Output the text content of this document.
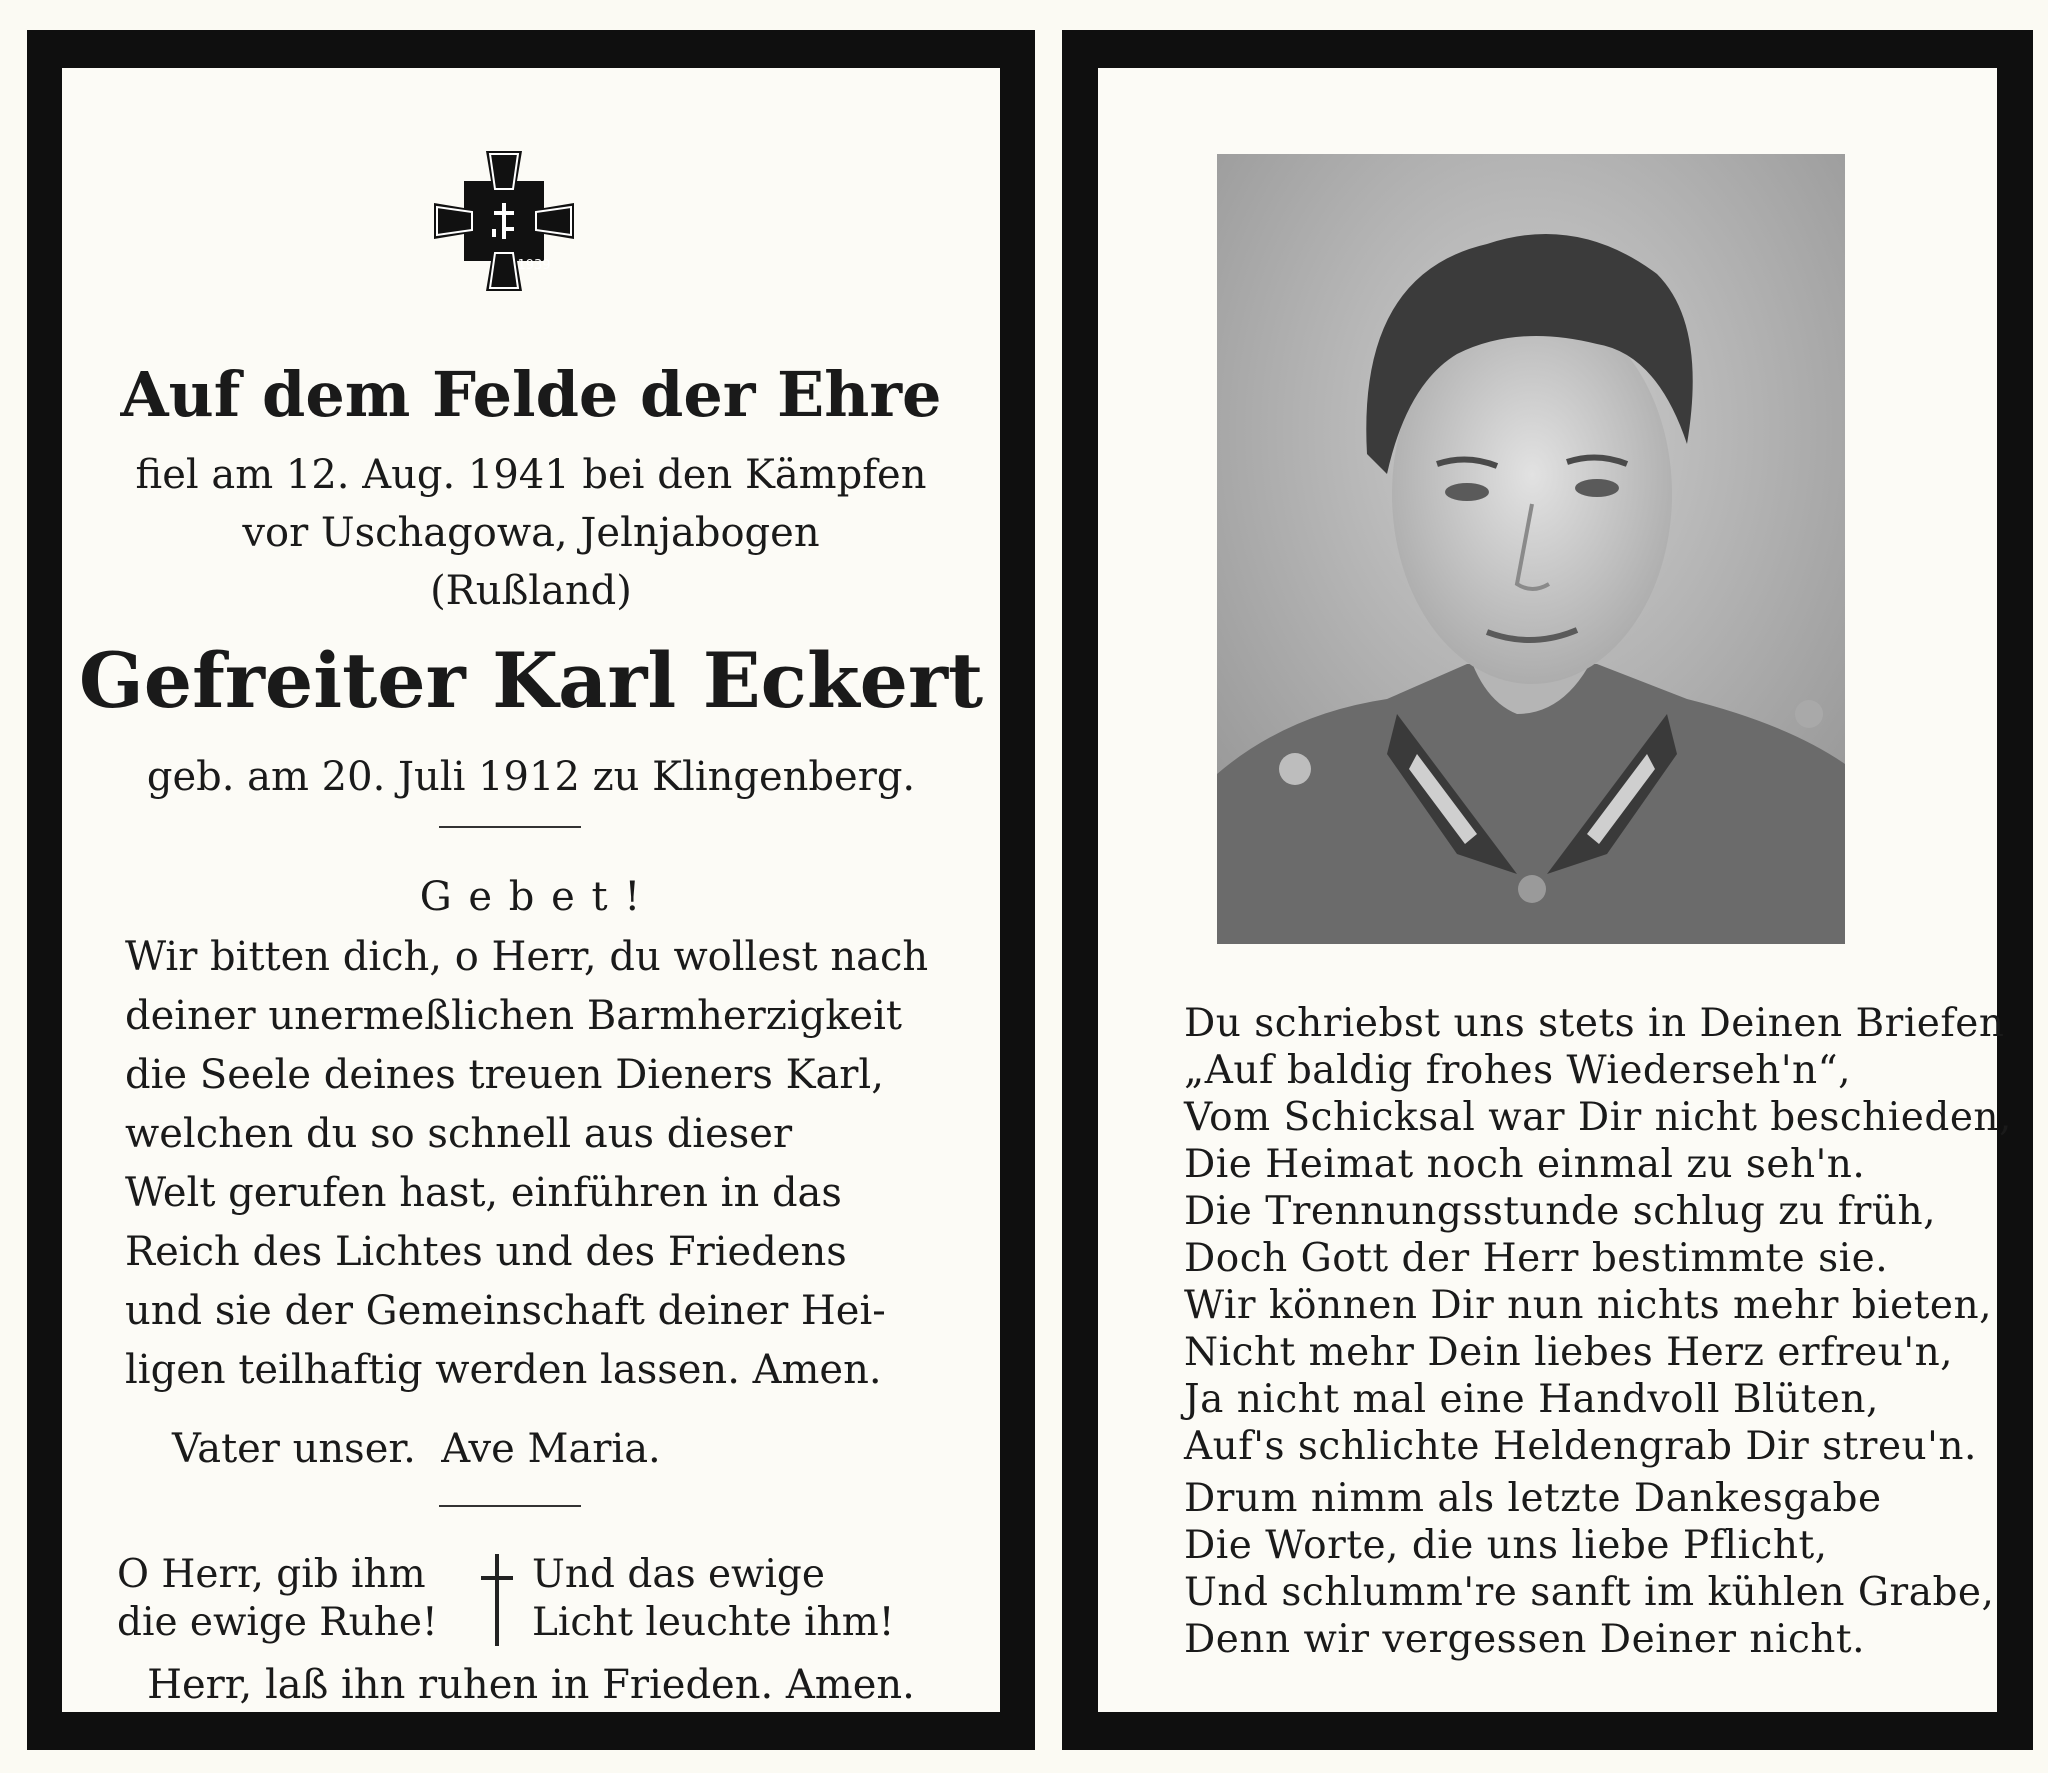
1939
Auf dem Felde der Ehre
fiel am 12. Aug. 1941 bei den Kämpfen
vor Uschagowa, Jelnjabogen
(Rußland)
Gefreiter Karl Eckert
geb. am 20. Juli 1912 zu Klingenberg.
G e b e t !
Wir bitten dich, o Herr, du wollest nach
deiner unermeßlichen Barmherzigkeit
die Seele deines treuen Dieners Karl,
welchen du so schnell aus dieser
Welt gerufen hast, einführen in das
Reich des Lichtes und des Friedens
und sie der Gemeinschaft deiner Hei-
ligen teilhaftig werden lassen. Amen.
Vater unser.  Ave Maria.
O Herr, gib ihm
die ewige Ruhe!
Und das ewige
Licht leuchte ihm!
Herr, laß ihn ruhen in Frieden. Amen.
Du schriebst uns stets in Deinen Briefen
„Auf baldig frohes Wiederseh'n“,
Vom Schicksal war Dir nicht beschieden,
Die Heimat noch einmal zu seh'n.
Die Trennungsstunde schlug zu früh,
Doch Gott der Herr bestimmte sie.
Wir können Dir nun nichts mehr bieten,
Nicht mehr Dein liebes Herz erfreu'n,
Ja nicht mal eine Handvoll Blüten,
Auf's schlichte Heldengrab Dir streu'n.
Drum nimm als letzte Dankesgabe
Die Worte, die uns liebe Pflicht,
Und schlumm're sanft im kühlen Grabe,
Denn wir vergessen Deiner nicht.
